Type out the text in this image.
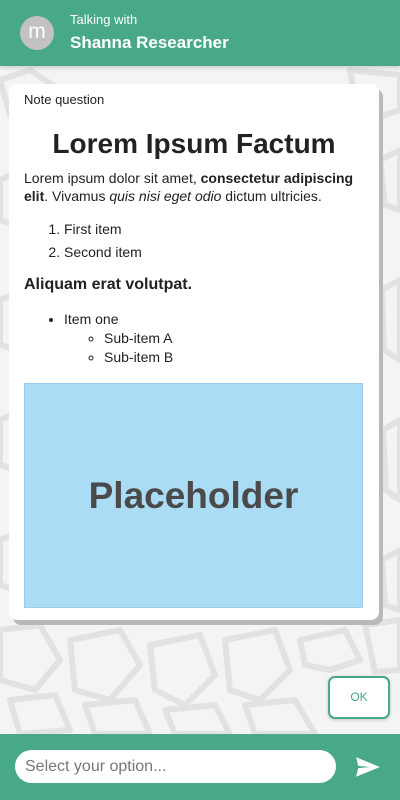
m
Talking with
Shanna Researcher
Note question
Lorem Ipsum Factum

Lorem ipsum dolor sit amet, consectetur adipiscing elit. Vivamus quis nisi eget odio dictum ultricies.

1. First item
2. Second item
Aliquam erat volutpat.
• Item one
◦ Sub-item A
◦ Sub-item B
Placeholder
OK
Select your option...
